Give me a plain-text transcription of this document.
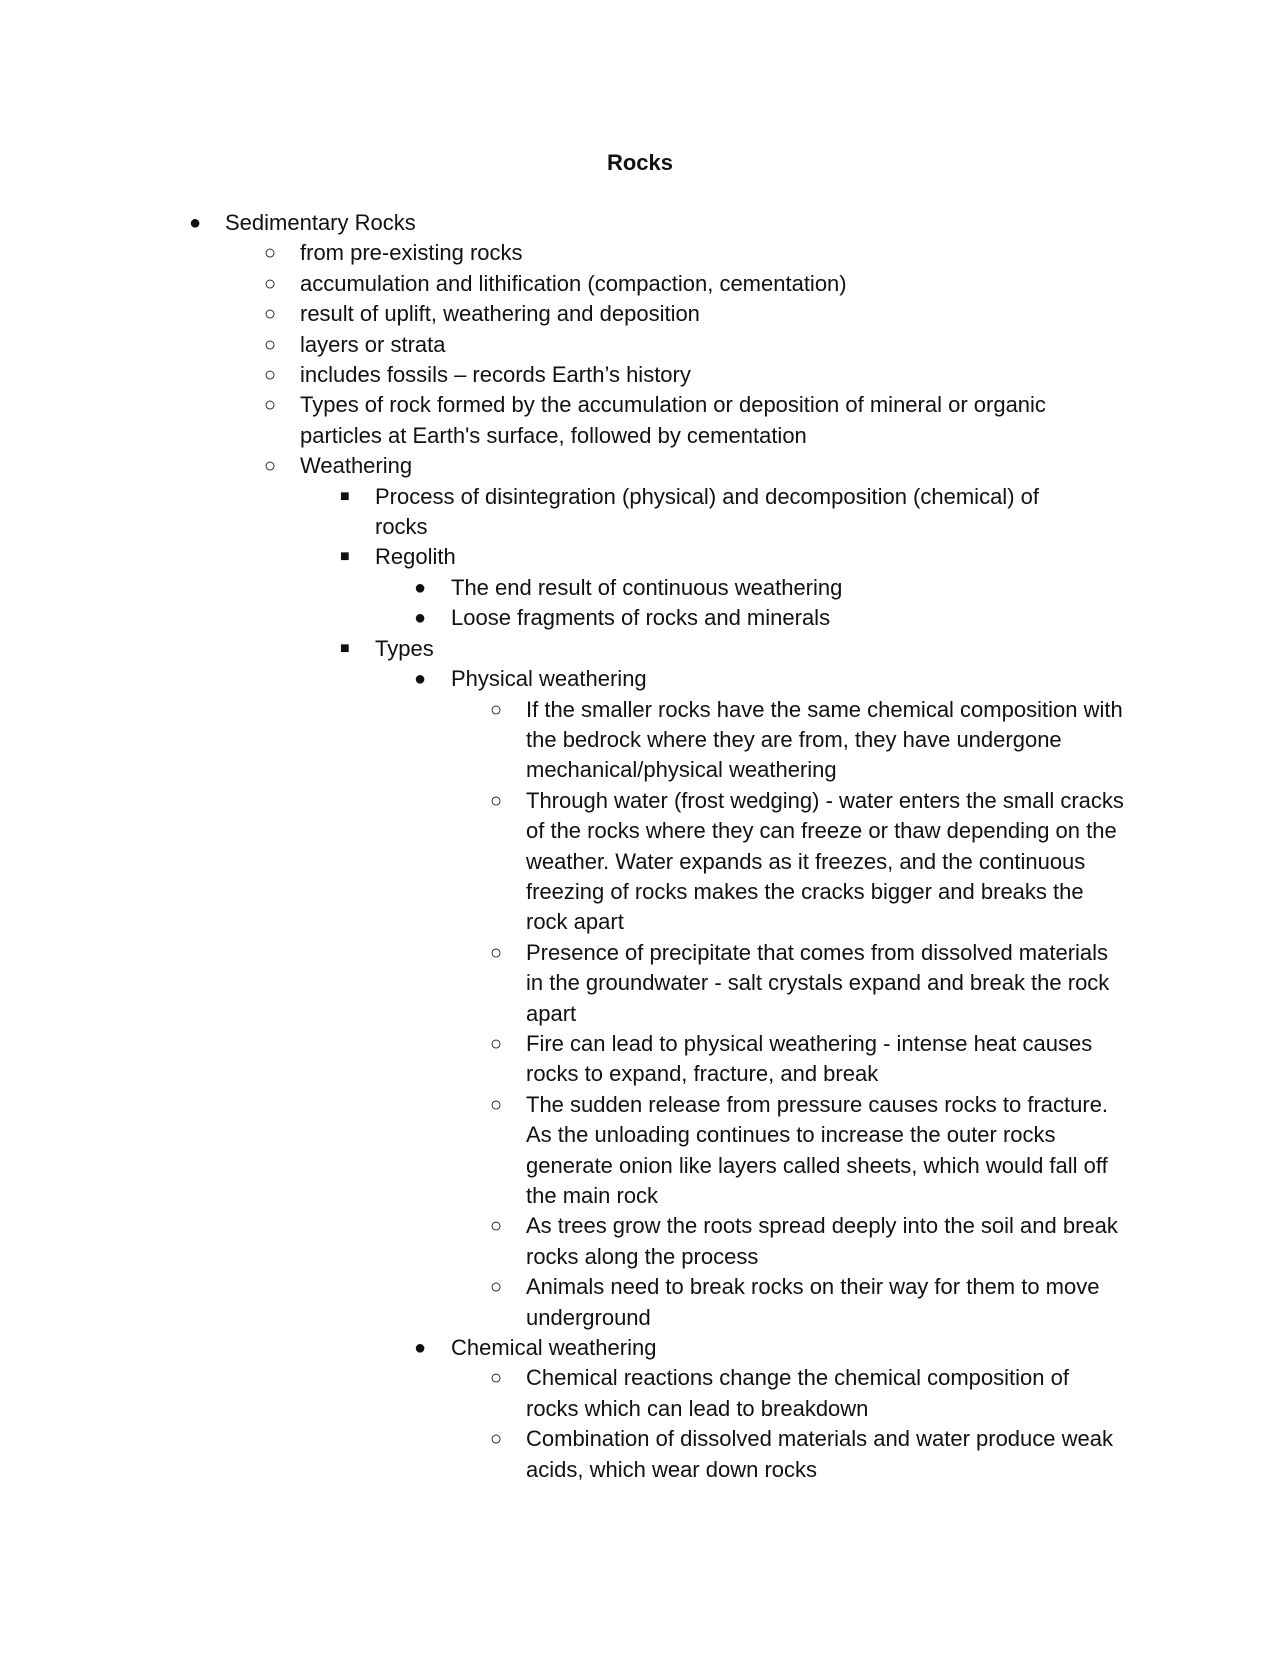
Rocks
● Sedimentary Rocks
○ from pre-existing rocks
○ accumulation and lithification (compaction, cementation)
○ result of uplift, weathering and deposition
○ layers or strata
○ includes fossils – records Earth’s history
○ Types of rock formed by the accumulation or deposition of mineral or organic particles at Earth's surface, followed by cementation
○ Weathering
■ Process of disintegration (physical) and decomposition (chemical) of rocks
■ Regolith
● The end result of continuous weathering
● Loose fragments of rocks and minerals
■ Types
● Physical weathering
○ If the smaller rocks have the same chemical composition with the bedrock where they are from, they have undergone mechanical/physical weathering
○ Through water (frost wedging) - water enters the small cracks of the rocks where they can freeze or thaw depending on the weather. Water expands as it freezes, and the continuous freezing of rocks makes the cracks bigger and breaks the rock apart
○ Presence of precipitate that comes from dissolved materials in the groundwater - salt crystals expand and break the rock apart
○ Fire can lead to physical weathering - intense heat causes rocks to expand, fracture, and break
○ The sudden release from pressure causes rocks to fracture. As the unloading continues to increase the outer rocks generate onion like layers called sheets, which would fall off the main rock
○ As trees grow the roots spread deeply into the soil and break rocks along the process
○ Animals need to break rocks on their way for them to move underground
● Chemical weathering
○ Chemical reactions change the chemical composition of rocks which can lead to breakdown
○ Combination of dissolved materials and water produce weak acids, which wear down rocks
